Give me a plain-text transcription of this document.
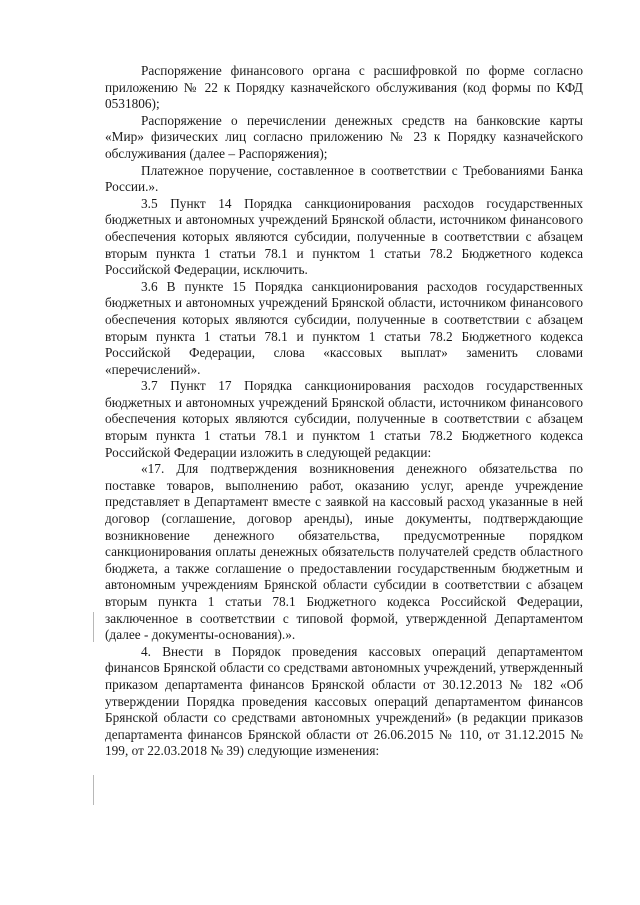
Распоряжение финансового органа с расшифровкой по форме согласно приложению № 22 к Порядку казначейского обслуживания (код формы по КФД 0531806);

Распоряжение о перечислении денежных средств на банковские карты «Мир» физических лиц согласно приложению № 23 к Порядку казначейского обслуживания (далее – Распоряжения);

Платежное поручение, составленное в соответствии с Требованиями Банка России.».

3.5 Пункт 14 Порядка санкционирования расходов государственных бюджетных и автономных учреждений Брянской области, источником финансового обеспечения которых являются субсидии, полученные в соответствии с абзацем вторым пункта 1 статьи 78.1 и пунктом 1 статьи 78.2 Бюджетного кодекса Российской Федерации, исключить.

3.6 В пункте 15 Порядка санкционирования расходов государственных бюджетных и автономных учреждений Брянской области, источником финансового обеспечения которых являются субсидии, полученные в соответствии с абзацем вторым пункта 1 статьи 78.1 и пунктом 1 статьи 78.2 Бюджетного кодекса Российской Федерации, слова «кассовых выплат» заменить словами «перечислений».

3.7 Пункт 17 Порядка санкционирования расходов государственных бюджетных и автономных учреждений Брянской области, источником финансового обеспечения которых являются субсидии, полученные в соответствии с абзацем вторым пункта 1 статьи 78.1 и пунктом 1 статьи 78.2 Бюджетного кодекса Российской Федерации изложить в следующей редакции:

«17. Для подтверждения возникновения денежного обязательства по поставке товаров, выполнению работ, оказанию услуг, аренде учреждение представляет в Департамент вместе с заявкой на кассовый расход указанные в ней договор (соглашение, договор аренды), иные документы, подтверждающие возникновение денежного обязательства, предусмотренные порядком санкционирования оплаты денежных обязательств получателей средств областного бюджета, а также соглашение о предоставлении государственным бюджетным и автономным учреждениям Брянской области субсидии в соответствии с абзацем вторым пункта 1 статьи 78.1 Бюджетного кодекса Российской Федерации, заключенное в соответствии с типовой формой, утвержденной Департаментом (далее - документы-основания).».

4. Внести в Порядок проведения кассовых операций департаментом финансов Брянской области со средствами автономных учреждений, утвержденный приказом департамента финансов Брянской области от 30.12.2013 № 182 «Об утверждении Порядка проведения кассовых операций департаментом финансов Брянской области со средствами автономных учреждений» (в редакции приказов департамента финансов Брянской области от 26.06.2015 № 110, от 31.12.2015 № 199, от 22.03.2018 № 39) следующие изменения:
